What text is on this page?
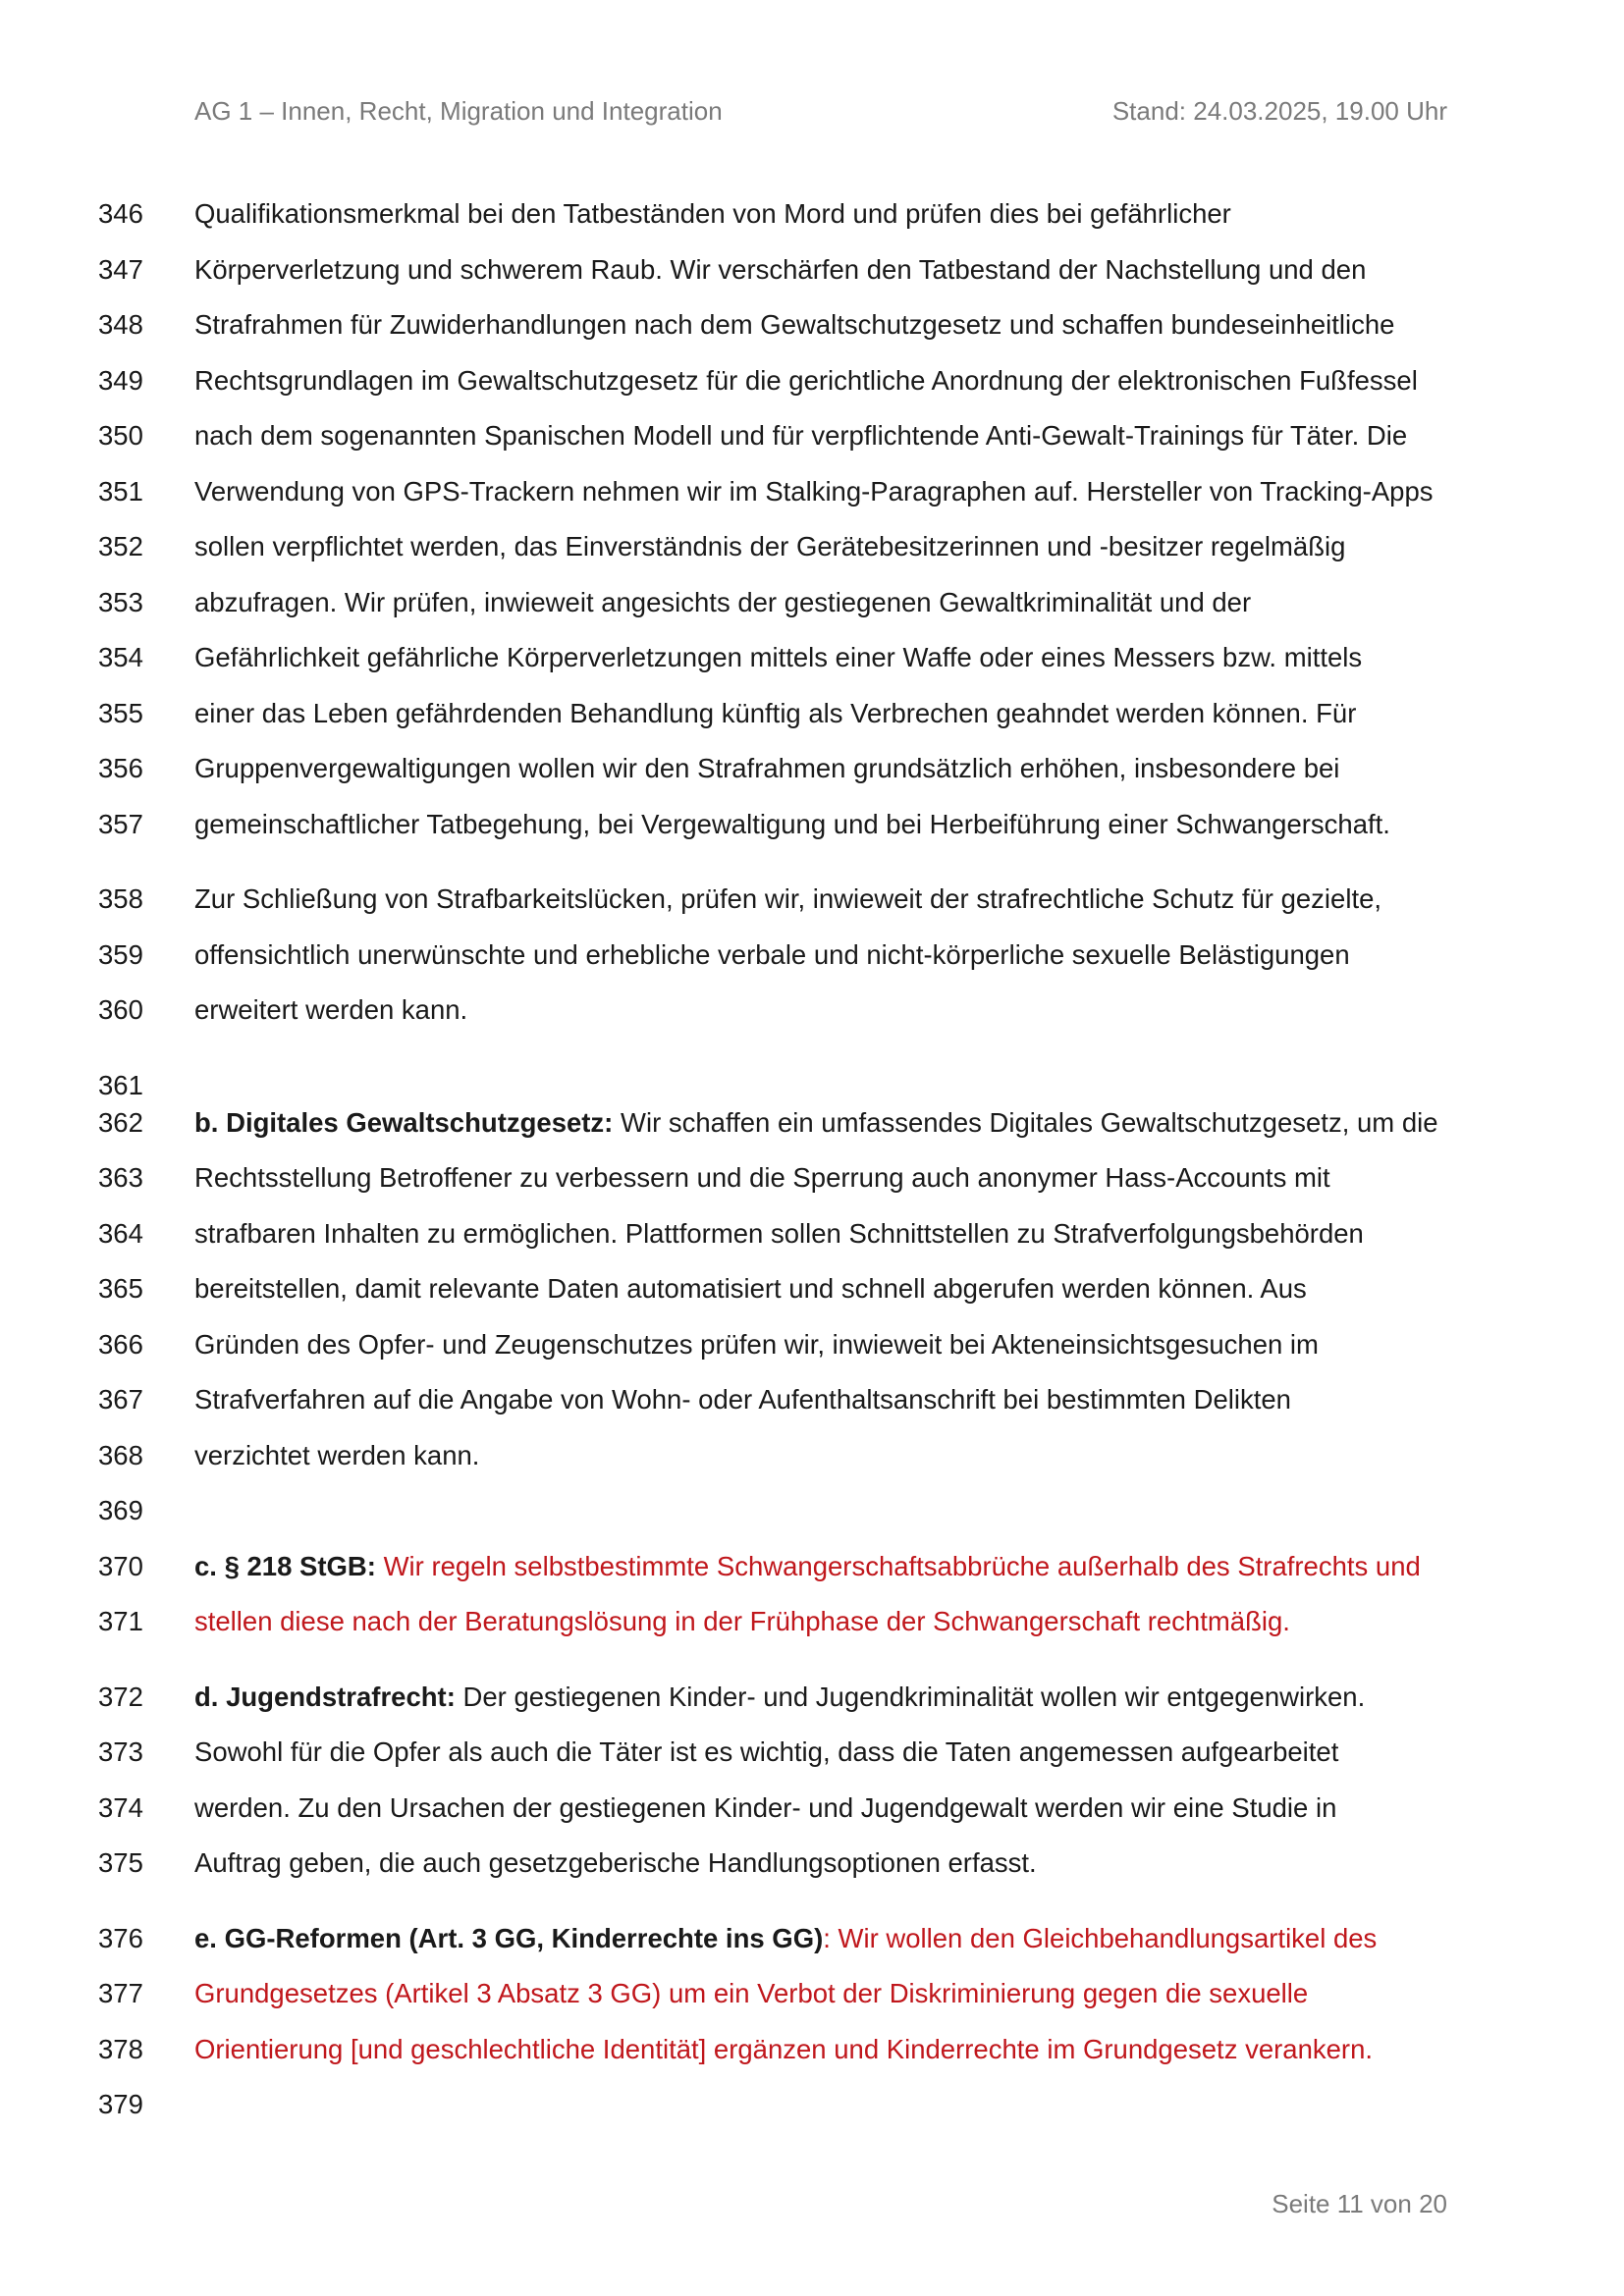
AG 1 – Innen, Recht, Migration und Integration	Stand: 24.03.2025, 19.00 Uhr
346 Qualifikationsmerkmal bei den Tatbeständen von Mord und prüfen dies bei gefährlicher
347 Körperverletzung und schwerem Raub. Wir verschärfen den Tatbestand der Nachstellung und den
348 Strafrahmen für Zuwiderhandlungen nach dem Gewaltschutzgesetz und schaffen bundeseinheitliche
349 Rechtsgrundlagen im Gewaltschutzgesetz für die gerichtliche Anordnung der elektronischen Fußfessel
350 nach dem sogenannten Spanischen Modell und für verpflichtende Anti-Gewalt-Trainings für Täter. Die
351 Verwendung von GPS-Trackern nehmen wir im Stalking-Paragraphen auf. Hersteller von Tracking-Apps
352 sollen verpflichtet werden, das Einverständnis der Gerätebesitzerinnen und -besitzer regelmäßig
353 abzufragen. Wir prüfen, inwieweit angesichts der gestiegenen Gewaltkriminalität und der
354 Gefährlichkeit gefährliche Körperverletzungen mittels einer Waffe oder eines Messers bzw. mittels
355 einer das Leben gefährdenden Behandlung künftig als Verbrechen geahndet werden können. Für
356 Gruppenvergewaltigungen wollen wir den Strafrahmen grundsätzlich erhöhen, insbesondere bei
357 gemeinschaftlicher Tatbegehung, bei Vergewaltigung und bei Herbeiführung einer Schwangerschaft.
358 Zur Schließung von Strafbarkeitslücken, prüfen wir, inwieweit der strafrechtliche Schutz für gezielte,
359 offensichtlich unerwünschte und erhebliche verbale und nicht-körperliche sexuelle Belästigungen
360 erweitert werden kann.
361
362 b. Digitales Gewaltschutzgesetz: Wir schaffen ein umfassendes Digitales Gewaltschutzgesetz, um die
363 Rechtsstellung Betroffener zu verbessern und die Sperrung auch anonymer Hass-Accounts mit
364 strafbaren Inhalten zu ermöglichen. Plattformen sollen Schnittstellen zu Strafverfolgungsbehörden
365 bereitstellen, damit relevante Daten automatisiert und schnell abgerufen werden können. Aus
366 Gründen des Opfer- und Zeugenschutzes prüfen wir, inwieweit bei Akteneinsichtsgesuchen im
367 Strafverfahren auf die Angabe von Wohn- oder Aufenthaltsanschrift bei bestimmten Delikten
368 verzichtet werden kann.
369
370 c. § 218 StGB: Wir regeln selbstbestimmte Schwangerschaftsabbrüche außerhalb des Strafrechts und
371 stellen diese nach der Beratungslösung in der Frühphase der Schwangerschaft rechtmäßig.
372 d. Jugendstrafrecht: Der gestiegenen Kinder- und Jugendkriminalität wollen wir entgegenwirken.
373 Sowohl für die Opfer als auch die Täter ist es wichtig, dass die Taten angemessen aufgearbeitet
374 werden. Zu den Ursachen der gestiegenen Kinder- und Jugendgewalt werden wir eine Studie in
375 Auftrag geben, die auch gesetzgeberische Handlungsoptionen erfasst.
376 e. GG-Reformen (Art. 3 GG, Kinderrechte ins GG): Wir wollen den Gleichbehandlungsartikel des
377 Grundgesetzes (Artikel 3 Absatz 3 GG) um ein Verbot der Diskriminierung gegen die sexuelle
378 Orientierung [und geschlechtliche Identität] ergänzen und Kinderrechte im Grundgesetz verankern.
379
Seite 11 von 20
